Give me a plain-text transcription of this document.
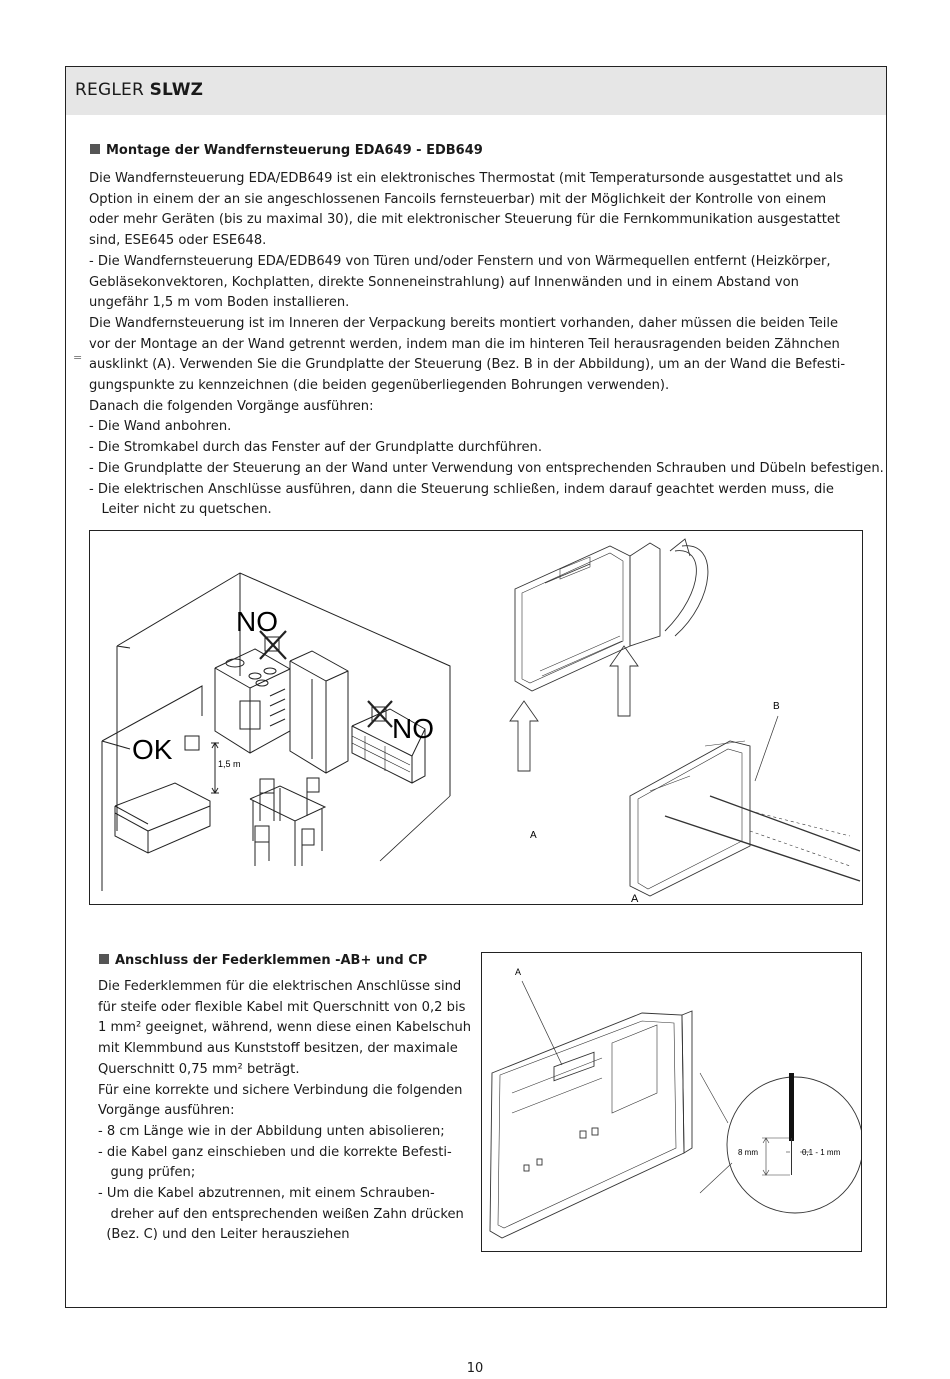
REGLER SLWZ
Montage der Wandfernsteuerung EDA649 - EDB649
Die Wandfernsteuerung EDA/EDB649 ist ein elektronisches Thermostat (mit Temperatursonde ausgestattet und als
Option in einem der an sie angeschlossenen Fancoils fernsteuerbar) mit der Möglichkeit der Kontrolle von einem
oder mehr Geräten (bis zu maximal 30), die mit elektronischer Steuerung für die Fernkommunikation ausgestattet
sind, ESE645 oder ESE648.
- Die Wandfernsteuerung EDA/EDB649 von Türen und/oder Fenstern und von Wärmequellen entfernt (Heizkörper,
Gebläsekonvektoren, Kochplatten, direkte Sonneneinstrahlung) auf Innenwänden und in einem Abstand von
ungefähr 1,5 m vom Boden installieren.
Die Wandfernsteuerung ist im Inneren der Verpackung bereits montiert vorhanden, daher müssen die beiden Teile
vor der Montage an der Wand getrennt werden, indem man die im hinteren Teil herausragenden beiden Zähnchen
ausklinkt (A). Verwenden Sie die Grundplatte der Steuerung (Bez. B in der Abbildung), um an der Wand die Befesti-
gungspunkte zu kennzeichnen (die beiden gegenüberliegenden Bohrungen verwenden).
Danach die folgenden Vorgänge ausführen:
- Die Wand anbohren.
- Die Stromkabel durch das Fenster auf der Grundplatte durchführen.
- Die Grundplatte der Steuerung an der Wand unter Verwendung von entsprechenden Schrauben und Dübeln befestigen.
- Die elektrischen Anschlüsse ausführen, dann die Steuerung schließen, indem darauf geachtet werden muss, die
Leiter nicht zu quetschen.
=
NO
NO
OK	1,5 m
B
A
A
Anschluss der Federklemmen -AB+ und CP
Die Federklemmen für die elektrischen Anschlüsse sind
für steife oder flexible Kabel mit Querschnitt von 0,2 bis
1 mm² geeignet, während, wenn diese einen Kabelschuh
mit Klemmbund aus Kunststoff besitzen, der maximale
Querschnitt 0,75 mm² beträgt.
Für eine korrekte und sichere Verbindung die folgenden
Vorgänge ausführen:
- 8 cm Länge wie in der Abbildung unten abisolieren;
- die Kabel ganz einschieben und die korrekte Befesti-
gung prüfen;
- Um die Kabel abzutrennen, mit einem Schrauben-
dreher auf den entsprechenden weißen Zahn drücken
(Bez. C) und den Leiter herausziehen
A
8 mm	0,1 - 1 mm
10
